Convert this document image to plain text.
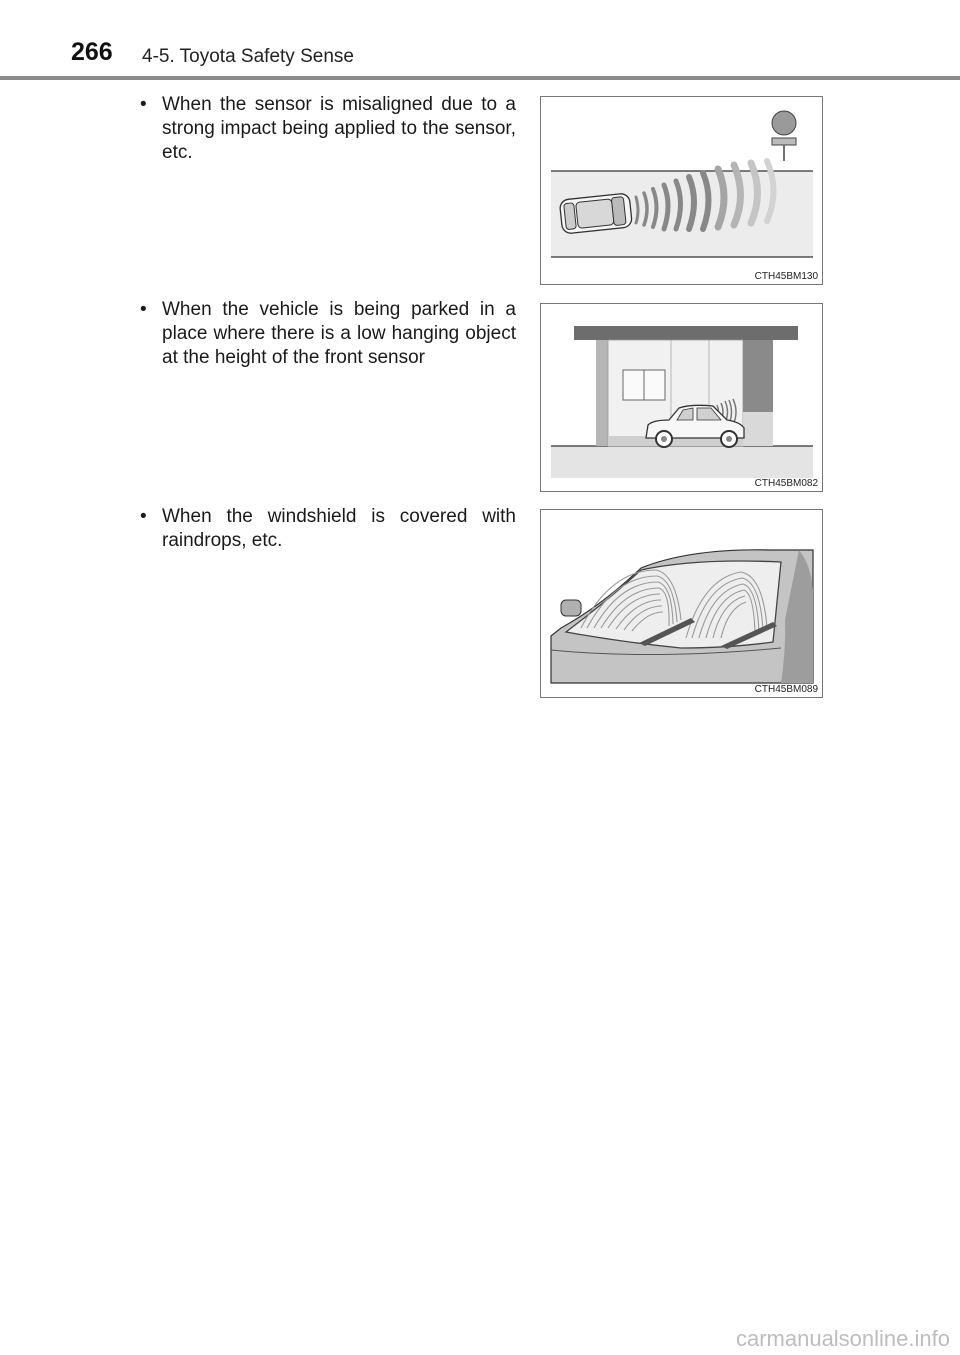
266 4-5. Toyota Safety Sense
• When the sensor is misaligned due to a strong impact being applied to the sensor, etc.
CTH45BM130
• When the vehicle is being parked in a place where there is a low hanging object at the height of the front sensor
CTH45BM082
• When the windshield is covered with raindrops, etc.
CTH45BM089
carmanualsonline.info
